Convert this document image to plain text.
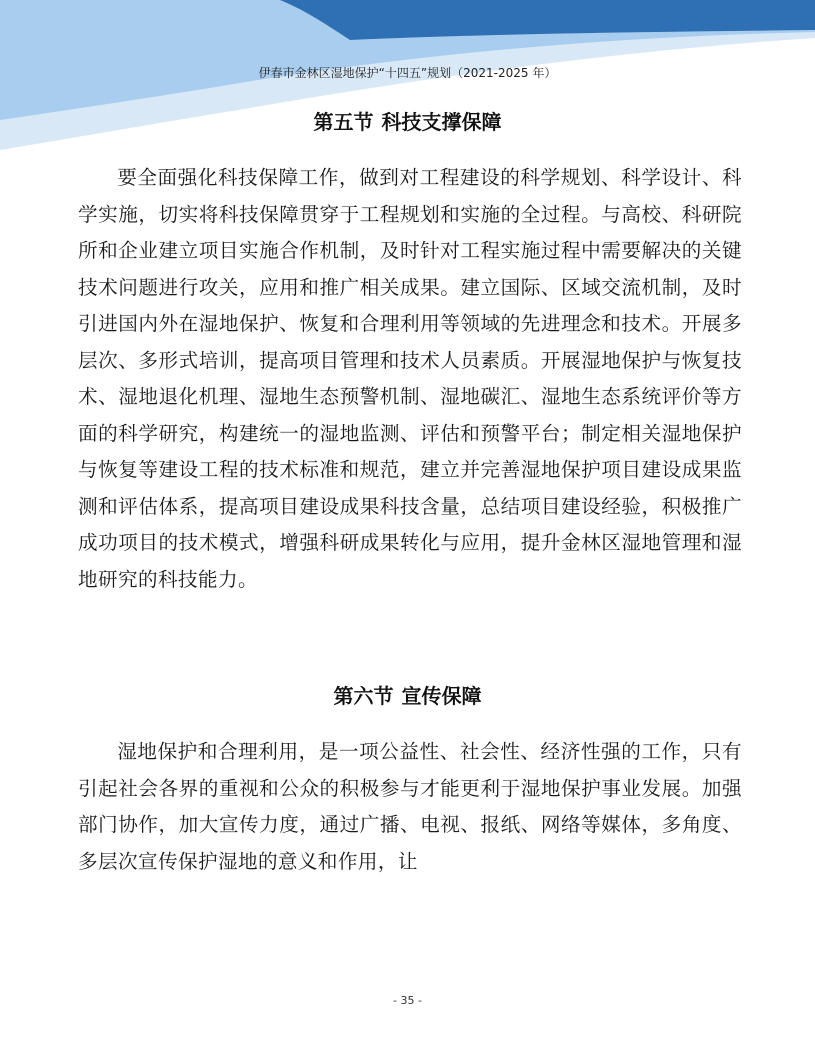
伊春市金林区湿地保护“十四五”规划（2021-2025 年）
第五节 科技支撑保障

要全面强化科技保障工作，做到对工程建设的科学规划、科学设计、科学实施，切实将科技保障贯穿于工程规划和实施的全过程。与高校、科研院所和企业建立项目实施合作机制，及时针对工程实施过程中需要解决的关键技术问题进行攻关，应用和推广相关成果。建立国际、区域交流机制，及时引进国内外在湿地保护、恢复和合理利用等领域的先进理念和技术。开展多层次、多形式培训，提高项目管理和技术人员素质。开展湿地保护与恢复技术、湿地退化机理、湿地生态预警机制、湿地碳汇、湿地生态系统评价等方面的科学研究，构建统一的湿地监测、评估和预警平台；制定相关湿地保护与恢复等建设工程的技术标准和规范，建立并完善湿地保护项目建设成果监测和评估体系，提高项目建设成果科技含量，总结项目建设经验，积极推广成功项目的技术模式，增强科研成果转化与应用，提升金林区湿地管理和湿地研究的科技能力。

第六节 宣传保障

湿地保护和合理利用，是一项公益性、社会性、经济性强的工作，只有引起社会各界的重视和公众的积极参与才能更利于湿地保护事业发展。加强部门协作，加大宣传力度，通过广播、电视、报纸、网络等媒体，多角度、多层次宣传保护湿地的意义和作用，让

- 35 -
